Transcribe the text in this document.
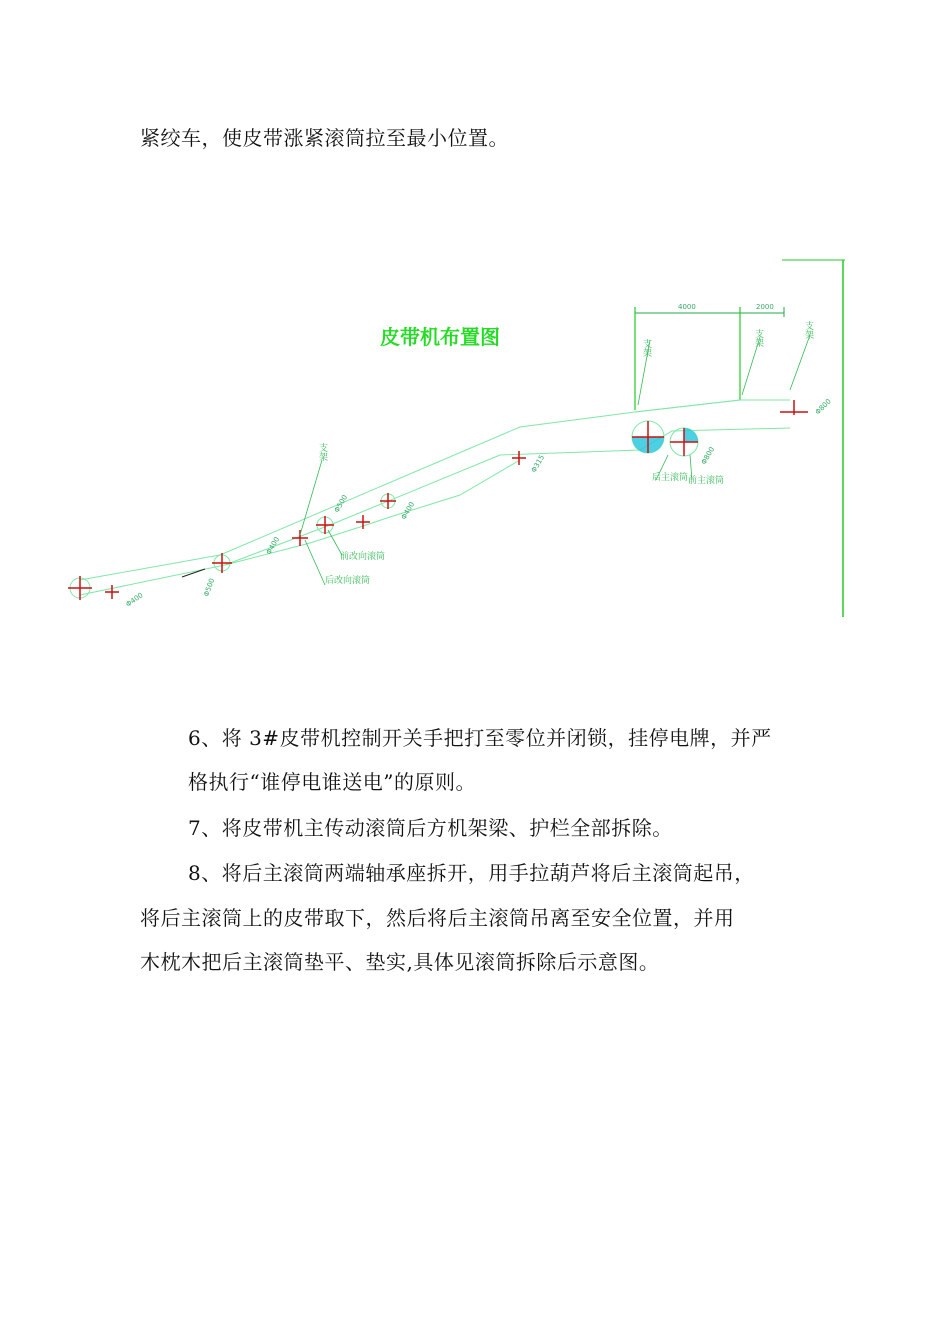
紧绞车，使皮带涨紧滚筒拉至最小位置。
皮带机布置图
4000	2000
Φ800
Φ800
Φ315
Φ400
Φ500
Φ400
Φ500
Φ400
支架
支架	支架
后主滚筒 前主滚筒
支架
前改向滚筒
后改向滚筒
6、将 3#皮带机控制开关手把打至零位并闭锁，挂停电牌，并严
格执行“谁停电谁送电”的原则。
7、将皮带机主传动滚筒后方机架梁、护栏全部拆除。
8、将后主滚筒两端轴承座拆开，用手拉葫芦将后主滚筒起吊，
将后主滚筒上的皮带取下，然后将后主滚筒吊离至安全位置，并用
木枕木把后主滚筒垫平、垫实,具体见滚筒拆除后示意图。
